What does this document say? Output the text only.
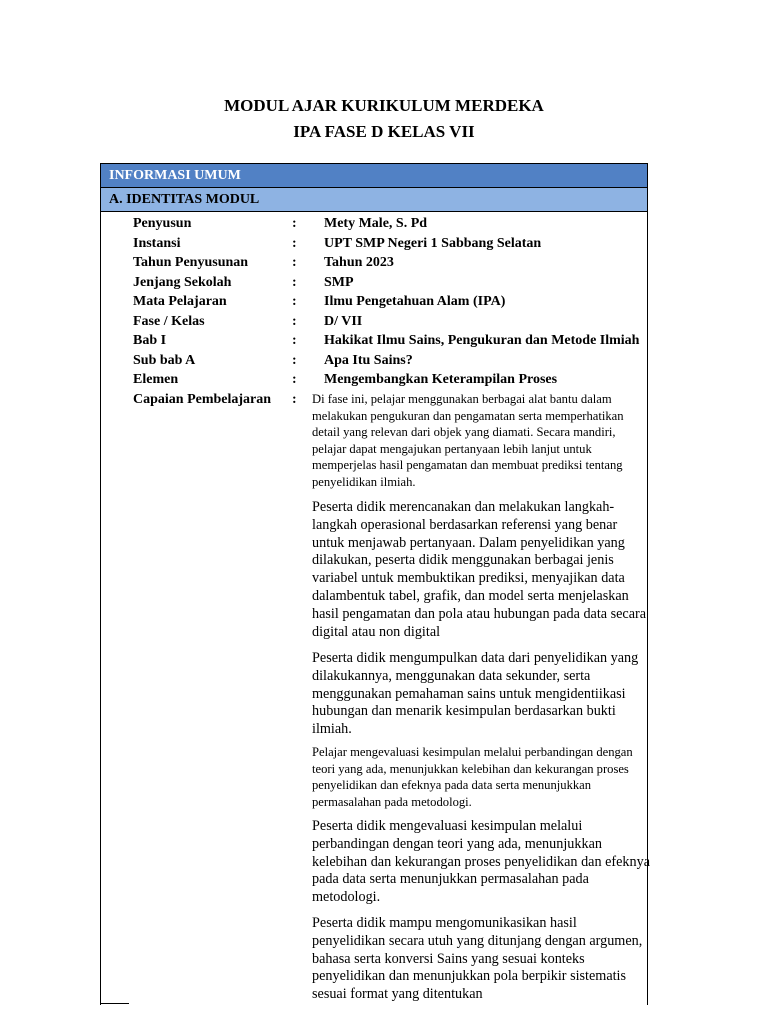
MODUL AJAR KURIKULUM MERDEKA
IPA FASE D KELAS VII
INFORMASI UMUM
A. IDENTITAS MODUL
Penyusun	: Mety Male, S. Pd
Instansi	: UPT SMP Negeri 1 Sabbang Selatan
Tahun Penyusunan	: Tahun 2023
Jenjang Sekolah	: SMP
Mata Pelajaran	: Ilmu Pengetahuan Alam (IPA)
Fase / Kelas	: D/ VII
Bab I	: Hakikat Ilmu Sains, Pengukuran dan Metode Ilmiah
Sub bab A	: Apa Itu Sains?
Elemen	: Mengembangkan Keterampilan Proses
Capaian Pembelajaran : Di fase ini, pelajar menggunakan berbagai alat bantu dalam melakukan pengukuran dan pengamatan serta memperhatikan detail yang relevan dari objek yang diamati. Secara mandiri, pelajar dapat mengajukan pertanyaan lebih lanjut untuk memperjelas hasil pengamatan dan membuat prediksi tentang penyelidikan ilmiah.

Peserta didik merencanakan dan melakukan langkah-langkah operasional berdasarkan referensi yang benar untuk menjawab pertanyaan. Dalam penyelidikan yang dilakukan, peserta didik menggunakan berbagai jenis variabel untuk membuktikan prediksi, menyajikan data dalambentuk tabel, grafik, dan model serta menjelaskan hasil pengamatan dan pola atau hubungan pada data secara digital atau non digital

Peserta didik mengumpulkan data dari penyelidikan yang dilakukannya, menggunakan data sekunder, serta menggunakan pemahaman sains untuk mengidentiikasi hubungan dan menarik kesimpulan berdasarkan bukti ilmiah.

Pelajar mengevaluasi kesimpulan melalui perbandingan dengan teori yang ada, menunjukkan kelebihan dan kekurangan proses penyelidikan dan efeknya pada data serta menunjukkan permasalahan pada metodologi.

Peserta didik mengevaluasi kesimpulan melalui perbandingan dengan teori yang ada, menunjukkan kelebihan dan kekurangan proses penyelidikan dan efeknya pada data serta menunjukkan permasalahan pada metodologi.

Peserta didik mampu mengomunikasikan hasil penyelidikan secara utuh yang ditunjang dengan argumen, bahasa serta konversi Sains yang sesuai konteks penyelidikan dan menunjukkan pola berpikir sistematis sesuai format yang ditentukan
